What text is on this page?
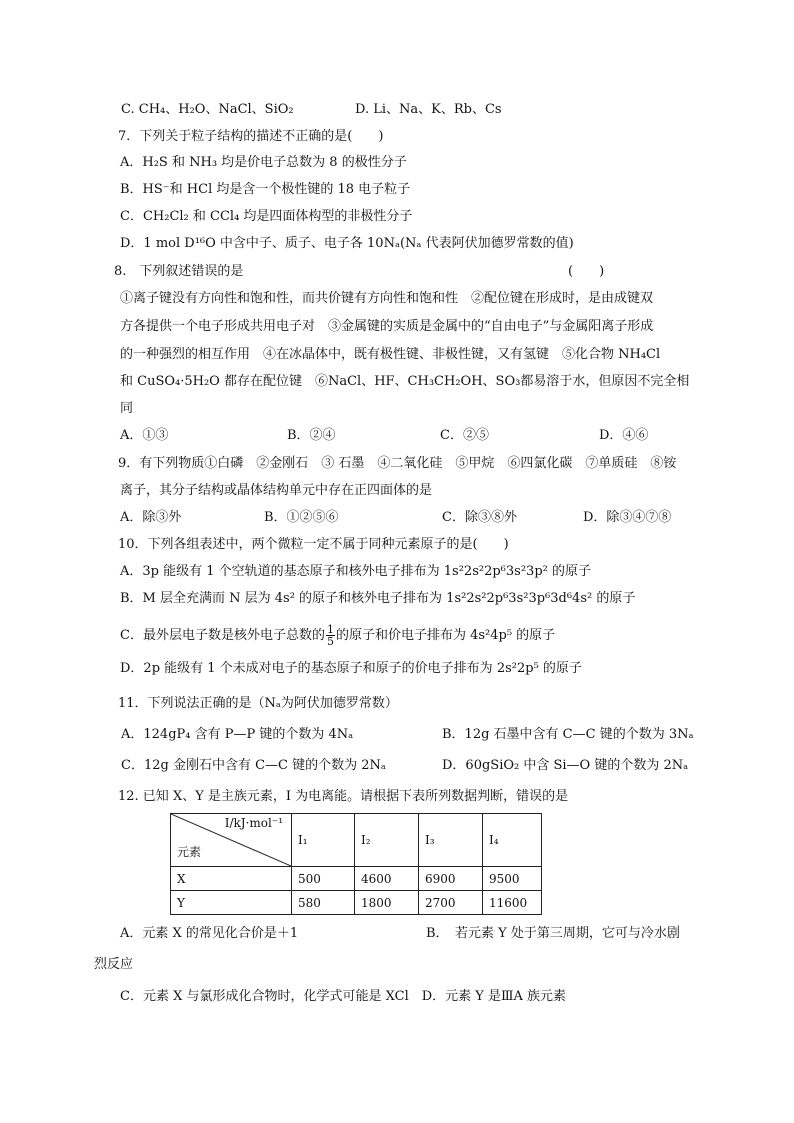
C. CH₄、H₂O、NaCl、SiO₂	D. Li、Na、K、Rb、Cs
7．下列关于粒子结构的描述不正确的是(　　)
A．H₂S 和 NH₃ 均是价电子总数为 8 的极性分子
B．HS⁻和 HCl 均是含一个极性键的 18 电子粒子
C．CH₂Cl₂ 和 CCl₄ 均是四面体构型的非极性分子
D．1 mol D¹⁶O 中含中子、质子、电子各 10Nₐ(Nₐ 代表阿伏加德罗常数的值)
8.　下列叙述错误的是	(　　)
①离子键没有方向性和饱和性，而共价键有方向性和饱和性　②配位键在形成时，是由成键双
方各提供一个电子形成共用电子对　③金属键的实质是金属中的“自由电子”与金属阳离子形成
的一种强烈的相互作用　④在冰晶体中，既有极性键、非极性键，又有氢键　⑤化合物 NH₄Cl
和 CuSO₄·5H₂O 都存在配位键　⑥NaCl、HF、CH₃CH₂OH、SO₃都易溶于水，但原因不完全相
同
A．①③	B．②④	C．②⑤	D．④⑥
9．有下列物质①白磷　②金刚石　③ 石墨　④二氧化硅　⑤甲烷　⑥四氯化碳　⑦单质硅　⑧铵
离子，其分子结构或晶体结构单元中存在正四面体的是
A．除③外	B．①②⑤⑥	C．除③⑧外	D．除③④⑦⑧
10．下列各组表述中，两个微粒一定不属于同种元素原子的是(　　)
A．3p 能级有 1 个空轨道的基态原子和核外电子排布为 1s²2s²2p⁶3s²3p² 的原子
B．M 层全充满而 N 层为 4s² 的原子和核外电子排布为 1s²2s²2p⁶3s²3p⁶3d⁶4s² 的原子
C．最外层电子数是核外电子总数的 $\frac{1}{5}$ 的原子和价电子排布为 4s²4p⁵ 的原子
D．2p 能级有 1 个未成对电子的基态原子和原子的价电子排布为 2s²2p⁵ 的原子
11．下列说法正确的是（Nₐ为阿伏加德罗常数）
A．124gP₄ 含有 P—P 键的个数为 4Nₐ	B．12g 石墨中含有 C—C 键的个数为 3Nₐ
C．12g 金刚石中含有 C—C 键的个数为 2Nₐ	D．60gSiO₂ 中含 Si—O 键的个数为 2Nₐ
12. 已知 X、Y 是主族元素，I 为电离能。请根据下表所列数据判断，错误的是
I/kJ·mol⁻¹
元素	I₁	I₂	I₃	I₄
X	500	4600	6900	9500
Y	580	1800	2700	11600
A．元素 X 的常见化合价是＋1	B．　若元素 Y 处于第三周期，它可与冷水剧
烈反应
C．元素 X 与氯形成化合物时，化学式可能是 XCl　D．元素 Y 是ⅢA 族元素
